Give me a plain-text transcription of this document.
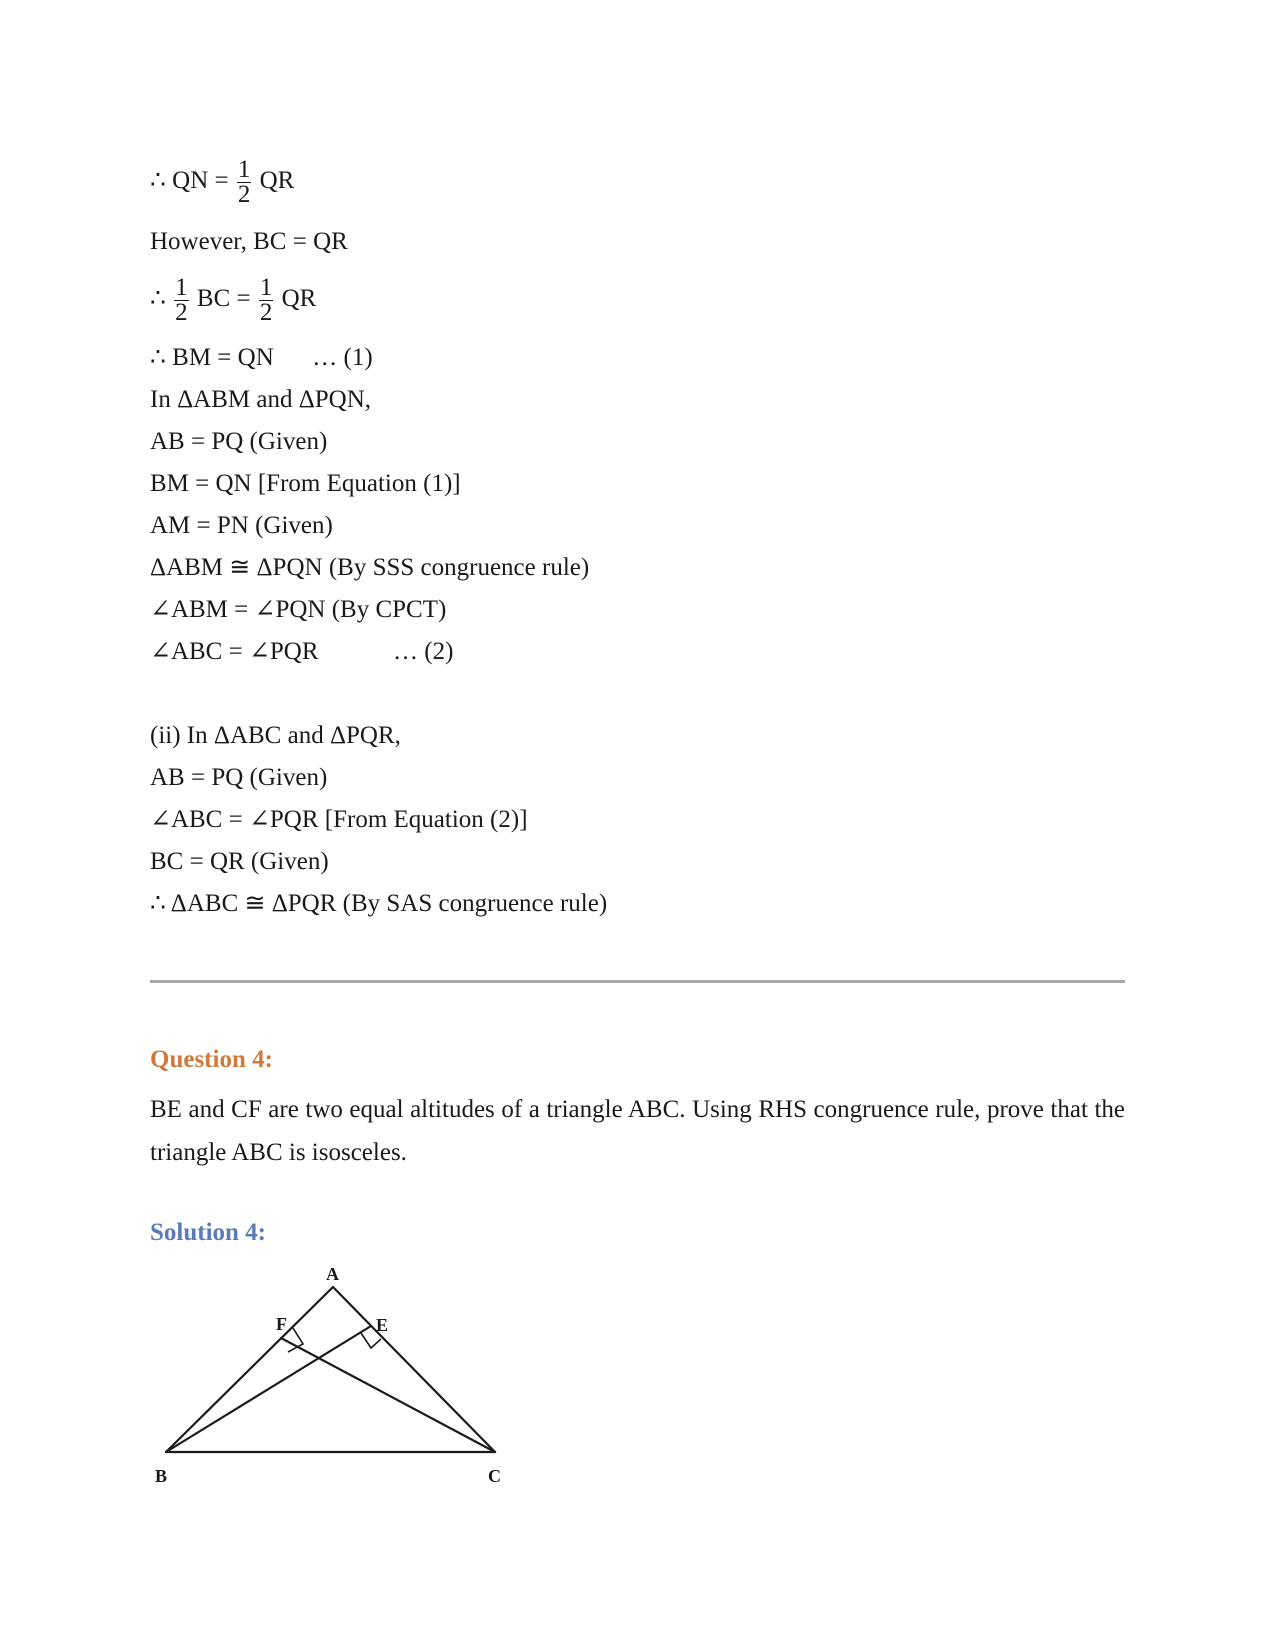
∴ QN = $\frac{1}{2}$ QR
However, BC = QR
∴ $\frac{1}{2}$ BC = $\frac{1}{2}$ QR
∴ BM = QN … (1)
In ΔABM and ΔPQN,
AB = PQ (Given)
BM = QN [From Equation (1)]
AM = PN (Given)
ΔABM ≅ ΔPQN (By SSS congruence rule)
∠ABM = ∠PQN (By CPCT)
∠ABC = ∠PQR	… (2)
(ii) In ΔABC and ΔPQR,
AB = PQ (Given)
∠ABC = ∠PQR [From Equation (2)]
BC = QR (Given)
∴ ΔABC ≅ ΔPQR (By SAS congruence rule)
Question 4:
BE and CF are two equal altitudes of a triangle ABC. Using RHS congruence rule, prove that the triangle ABC is isosceles.
Solution 4:
A
F	E
B	C
